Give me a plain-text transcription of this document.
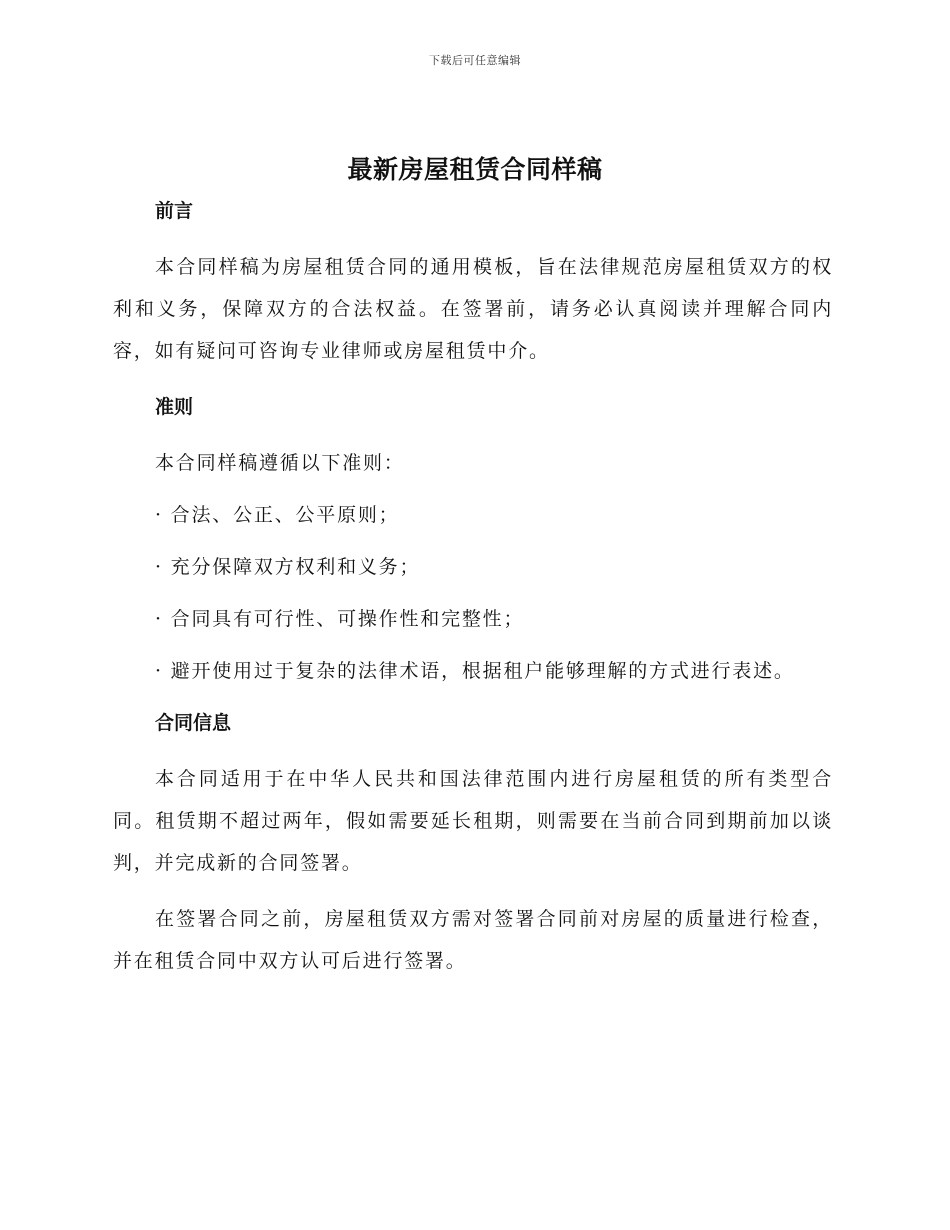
下载后可任意编辑
最新房屋租赁合同样稿
前言

本合同样稿为房屋租赁合同的通用模板，旨在法律规范房屋租赁双方的权利和义务，保障双方的合法权益。在签署前，请务必认真阅读并理解合同内容，如有疑问可咨询专业律师或房屋租赁中介。

准则

本合同样稿遵循以下准则：

· 合法、公正、公平原则；

· 充分保障双方权利和义务；

· 合同具有可行性、可操作性和完整性；

· 避开使用过于复杂的法律术语，根据租户能够理解的方式进行表述。

合同信息

本合同适用于在中华人民共和国法律范围内进行房屋租赁的所有类型合同。租赁期不超过两年，假如需要延长租期，则需要在当前合同到期前加以谈判，并完成新的合同签署。

在签署合同之前，房屋租赁双方需对签署合同前对房屋的质量进行检查，并在租赁合同中双方认可后进行签署。
